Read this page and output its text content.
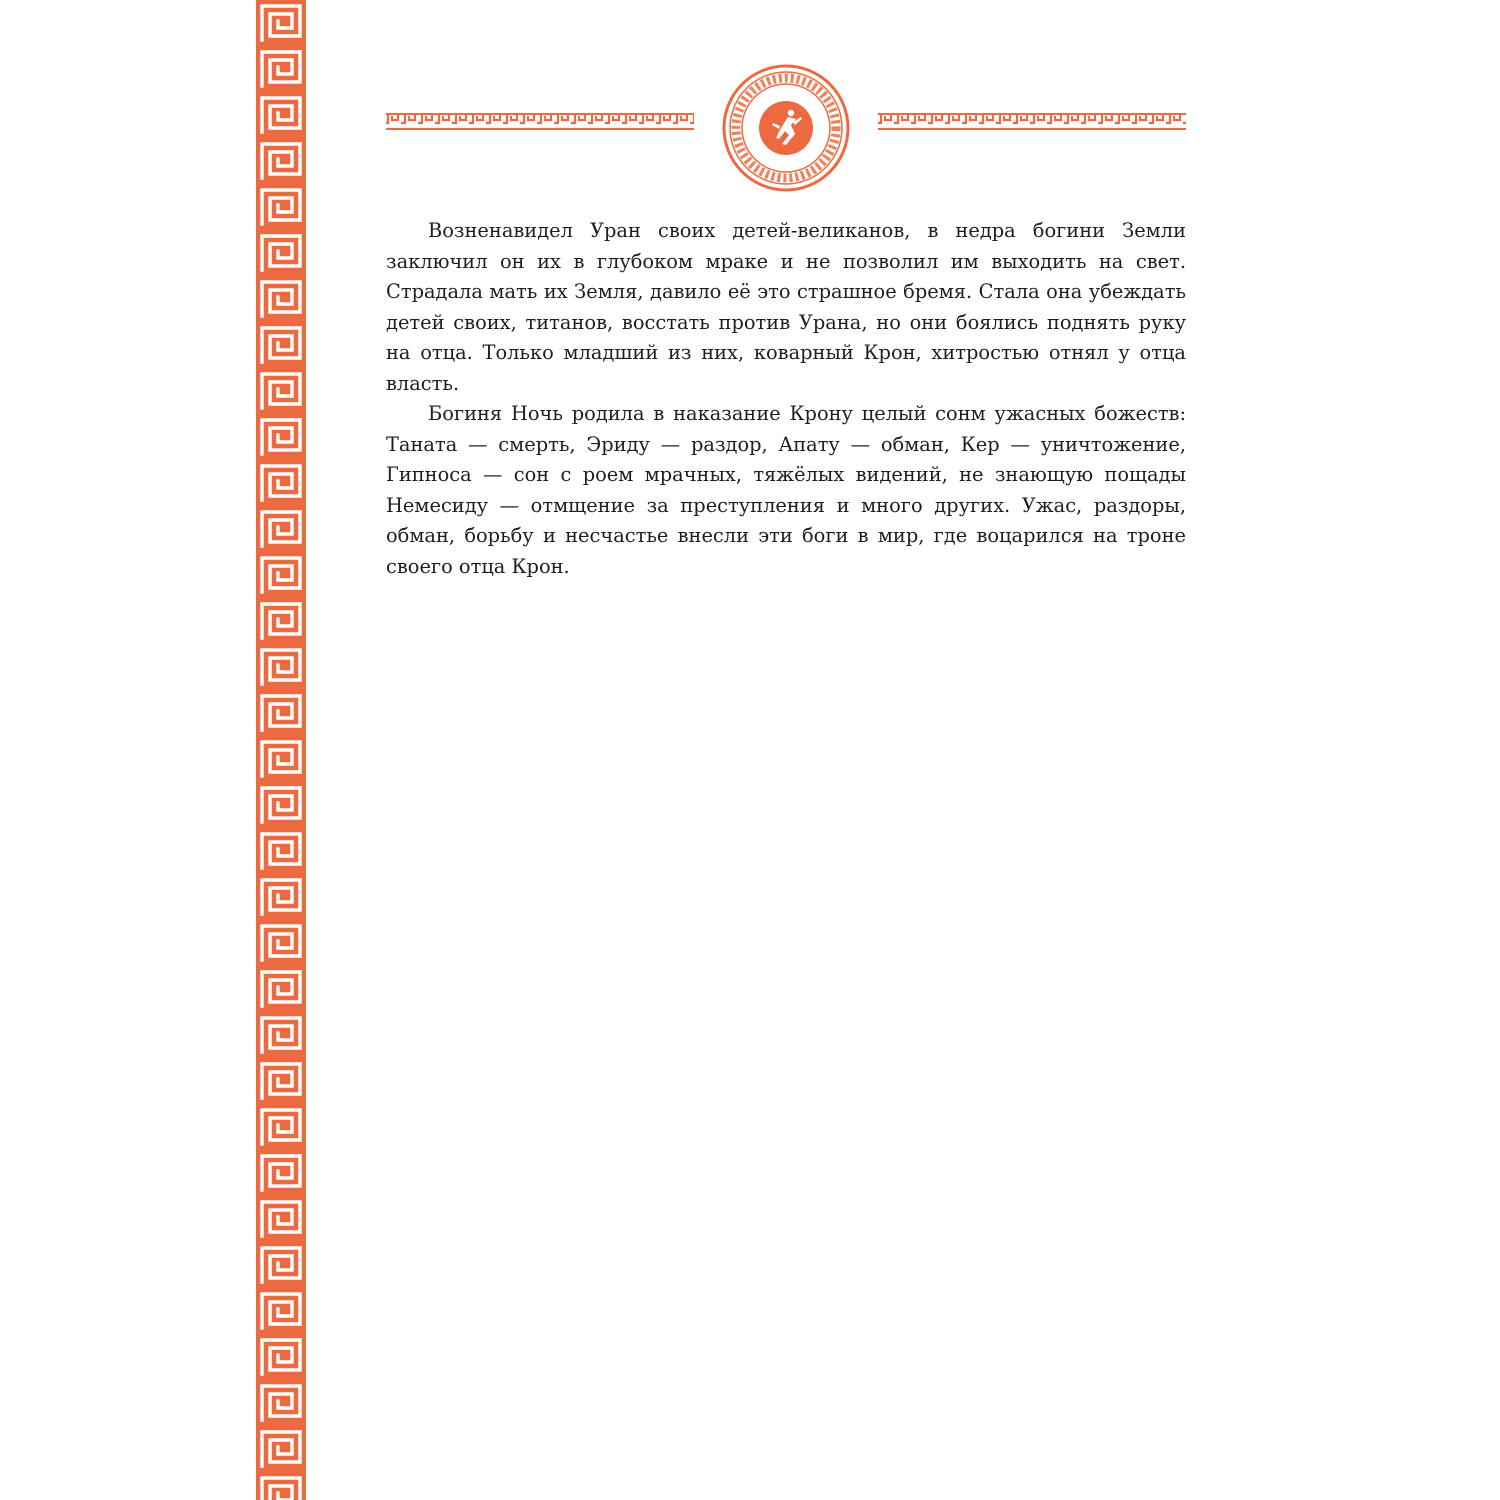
Возненавидел Уран своих детей-великанов, в недра богини Земли заключил он их в глубоком мраке и не позволил им выходить на свет. Страдала мать их Земля, давило её это страшное бремя. Стала она убеждать детей своих, титанов, восстать против Урана, но они боялись поднять руку на отца. Только младший из них, коварный Крон, хитростью отнял у отца власть.

Богиня Ночь родила в наказание Крону целый сонм ужасных божеств: Таната — смерть, Эриду — раздор, Апату — обман, Кер — уничтожение, Гипноса — сон с роем мрачных, тяжёлых видений, не знающую пощады Немесиду — отмщение за преступления и много других. Ужас, раздоры, обман, борьбу и несчастье внесли эти боги в мир, где воцарился на троне своего отца Крон.
